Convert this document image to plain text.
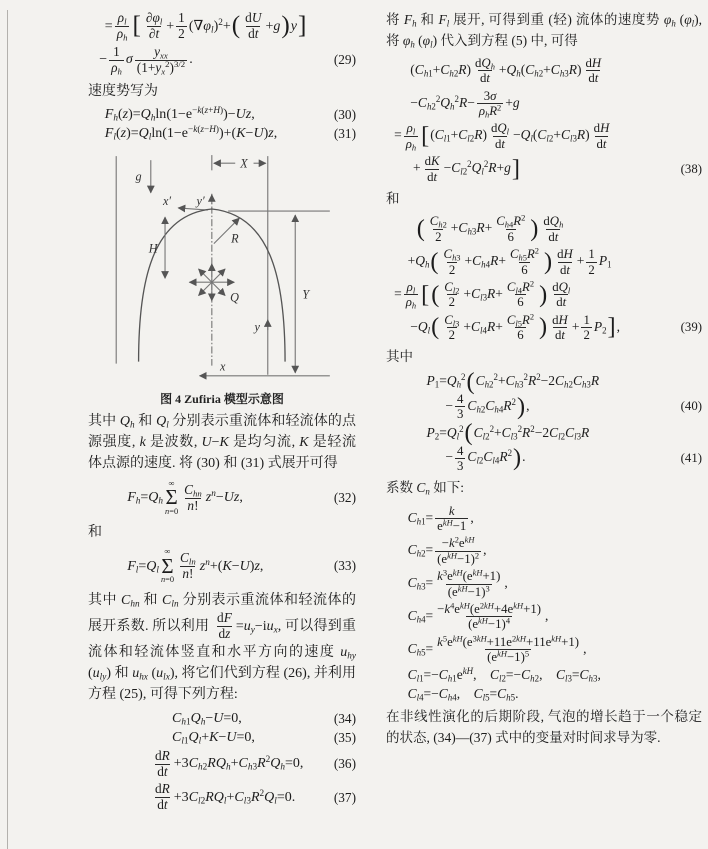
= $\frac{\rho_l}{\rho_h}$ [ $\frac{\partial\varphi_l}{\partial t} + \frac{1}{2} (\nabla\varphi_l)^2+( \frac{dU}{dt} +g)y$]
− $\frac{1}{\rho_h}$ σ $\frac{y_{xx}}{(1+y_x^2)^{3/2}}$ .	(29)
速度势写为
$F_h(z)=Q_h\ln(1-e^{-k(z+H)})-Uz$,	(30)
$F_l(z)=Q_l\ln(1-e^{-k(z-H)})+(K-U)z$,	(31)
g
X
y′
x′
R
H
Q	Y
y
x
图 4 Zufiria 模型示意图
其中 $Q_h$ 和 $Q_l$ 分别表示重流体和轻流体的点源强度, k 是波数, U−K 是均匀流, K 是轻流体点源的速度. 将 (30) 和 (31) 式展开可得
$F_h=Q_h$
∞
Σ
$n=0 \frac{C_{hn}}{n!} z^n-Uz$,	(32)
和
$F_l=Q_l$
∞
Σ
$n=0 \frac{C_{ln}}{n!} z^n+(K-U)z$,	(33)
其中 $C_{hn}$ 和 $C_{ln}$ 分别表示重流体和轻流体的展开系数. 所以利用 $\frac{dF}{dz} =u_y-iu_x$, 可以得到重流体和轻流体竖直和水平方向的速度 $u_{hy}$ $(u_{ly})$ 和 $u_{hx}$ $(u_{lx})$, 将它们代到方程 (26), 并利用方程 (25), 可得下列方程:
$C_{h1}Q_h-U=0$,	(34)
$C_{l1}Q_l+K-U=0$,	(35)
$\frac{dR}{dt} +3C_{h2}RQ_h+C_{h3}R^2Q_h=0$,	(36)
$\frac{dR}{dt} +3C_{l2}RQ_l+C_{l3}R^2Q_l=0$.	(37)
将 $F_h$ 和 $F_l$ 展开, 可得到重 (轻) 流体的速度势 $\varphi_h$ $(\varphi_l)$, 将 $\varphi_h$ $(\varphi_l)$ 代入到方程 (5) 中, 可得
$(C_{h1}+C_{h2}R) \frac{dQ_h}{dt} +Q_h(C_{h2}+C_{h3}R) \frac{dH}{dt}$
$-C_{h2}^2Q_h^2R- \frac{3\sigma}{\rho_hR^2} +g$
= $\frac{\rho_l}{\rho_h} [(C_{l1}+C_{l2}R) \frac{dQ_l}{dt} -Q_l(C_{l2}+C_{l3}R) \frac{dH}{dt}$
+ $\frac{dK}{dt} -C_{l2}^2Q_l^2R+g$]	(38)
和
( $\frac{C_{h2}}{2} +C_{h3}R+ \frac{C_{h4}R^2}{6}$ ) $\frac{dQ_h}{dt}$
$+Q_h( \frac{C_{h3}}{2} +C_{h4}R+ \frac{C_{h5}R^2}{6}$ ) $\frac{dH}{dt} + \frac{1}{2} P_1$
= $\frac{\rho_l}{\rho_h}$ [( $\frac{C_{l2}}{2} +C_{l3}R+ \frac{C_{l4}R^2}{6}$ ) $\frac{dQ_l}{dt}$
$-Q_l( \frac{C_{l3}}{2} +C_{l4}R+ \frac{C_{l5}R^2}{6}$ ) $\frac{dH}{dt} + \frac{1}{2} P_2$],	(39)
其中
$P_1=Q_h^2(C_{h2}^2+C_{h3}^2R^2-2C_{h2}C_{h3}R$
− $\frac{4}{3} C_{h2}C_{h4}R^2$),	(40)
$P_2=Q_l^2(C_{l2}^2+C_{l3}^2R^2-2C_{l2}C_{l3}R$
− $\frac{4}{3} C_{l2}C_{l4}R^2$).	(41)
系数 $C_n$ 如下:
$C_{h1}= \frac{k}{e^{kH}-1}$ ,
$C_{h2}= \frac{-k^2e^{kH}}{(e^{kH}-1)^2}$ ,
$C_{h3}= \frac{k^3e^{kH}(e^{kH}+1)}{(e^{kH}-1)^3}$ ,
$C_{h4}= \frac{-k^4e^{kH}(e^{2kH}+4e^{kH}+1)}{(e^{kH}-1)^4}$ ,
$C_{h5}= \frac{k^5e^{kH}(e^{3kH}+11e^{2kH}+11e^{kH}+1)}{(e^{kH}-1)^5}$ ,
$C_{l1}=-C_{h1}e^{kH}$, $C_{l2}=-C_{h2}$, $C_{l3}=C_{h3}$,
$C_{l4}=-C_{h4}$, $C_{l5}=C_{h5}$.
在非线性演化的后期阶段, 气泡的增长趋于一个稳定的状态, (34)—(37) 式中的变量对时间求导为零.
